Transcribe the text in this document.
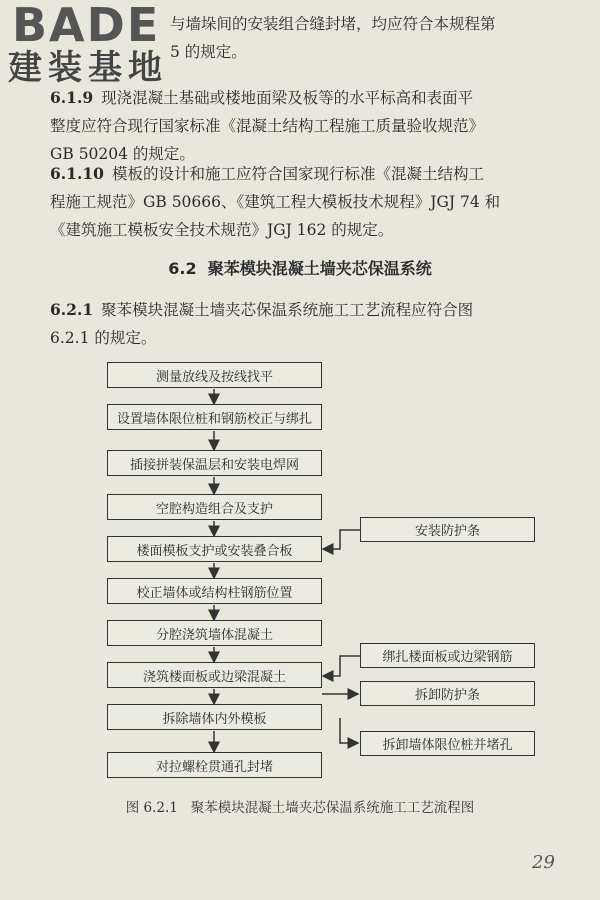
BADE
建装基地
与墙垛间的安装组合缝封堵，均应符合本规程第
5 的规定。
6.1.9 现浇混凝土基础或楼地面梁及板等的水平标高和表面平
整度应符合现行国家标准《混凝土结构工程施工质量验收规范》
GB 50204 的规定。
6.1.10 模板的设计和施工应符合国家现行标准《混凝土结构工
程施工规范》GB 50666、《建筑工程大模板技术规程》JGJ 74 和
《建筑施工模板安全技术规范》JGJ 162 的规定。
6.2 聚苯模块混凝土墙夹芯保温系统
6.2.1 聚苯模块混凝土墙夹芯保温系统施工工艺流程应符合图
6.2.1 的规定。
测量放线及按线找平
设置墙体限位桩和钢筋校正与绑扎
插接拼装保温层和安装电焊网
空腔构造组合及支护
楼面模板支护或安装叠合板
校正墙体或结构柱钢筋位置
分腔浇筑墙体混凝土
浇筑楼面板或边梁混凝土
拆除墙体内外模板
对拉螺栓贯通孔封堵
安装防护条
绑扎楼面板或边梁钢筋
拆卸防护条
拆卸墙体限位桩并堵孔
图 6.2.1 聚苯模块混凝土墙夹芯保温系统施工工艺流程图
29
